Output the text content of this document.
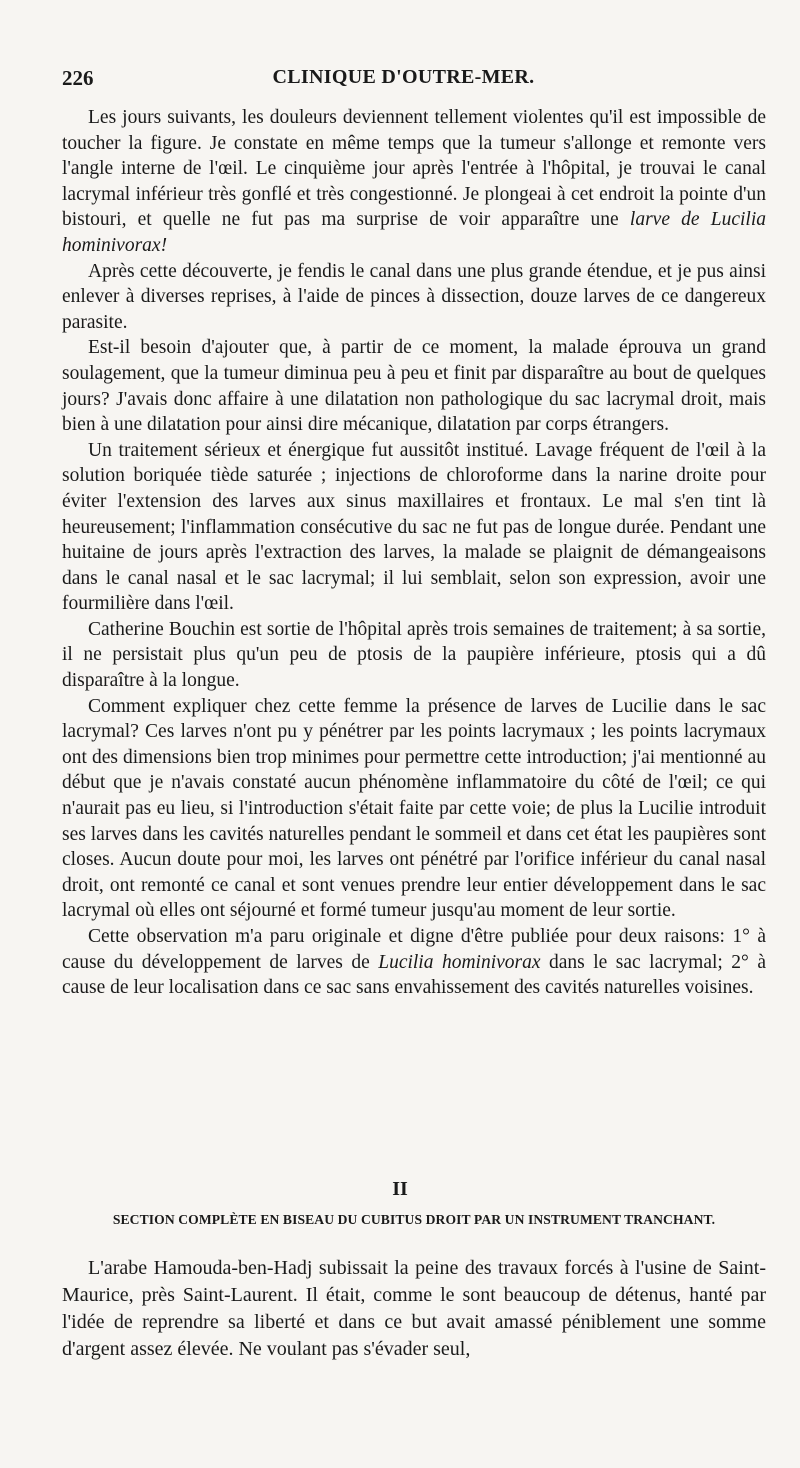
226	CLINIQUE D'OUTRE-MER.

Les jours suivants, les douleurs deviennent tellement violentes qu'il est impossible de toucher la figure. Je constate en même temps que la tumeur s'allonge et remonte vers l'angle interne de l'œil. Le cinquième jour après l'entrée à l'hôpital, je trouvai le canal lacrymal inférieur très gonflé et très congestionné. Je plongeai à cet endroit la pointe d'un bistouri, et quelle ne fut pas ma surprise de voir apparaître une larve de Lucilia hominivorax!

Après cette découverte, je fendis le canal dans une plus grande étendue, et je pus ainsi enlever à diverses reprises, à l'aide de pinces à dissection, douze larves de ce dangereux parasite.

Est-il besoin d'ajouter que, à partir de ce moment, la malade éprouva un grand soulagement, que la tumeur diminua peu à peu et finit par disparaître au bout de quelques jours? J'avais donc affaire à une dilatation non pathologique du sac lacrymal droit, mais bien à une dilatation pour ainsi dire mécanique, dilatation par corps étrangers.

Un traitement sérieux et énergique fut aussitôt institué. Lavage fréquent de l'œil à la solution boriquée tiède saturée ; injections de chloroforme dans la narine droite pour éviter l'extension des larves aux sinus maxillaires et frontaux. Le mal s'en tint là heureusement; l'inflammation consécutive du sac ne fut pas de longue durée. Pendant une huitaine de jours après l'extraction des larves, la malade se plaignit de démangeaisons dans le canal nasal et le sac lacrymal; il lui semblait, selon son expression, avoir une fourmilière dans l'œil.

Catherine Bouchin est sortie de l'hôpital après trois semaines de traitement; à sa sortie, il ne persistait plus qu'un peu de ptosis de la paupière inférieure, ptosis qui a dû disparaître à la longue.

Comment expliquer chez cette femme la présence de larves de Lucilie dans le sac lacrymal? Ces larves n'ont pu y pénétrer par les points lacrymaux ; les points lacrymaux ont des dimensions bien trop minimes pour permettre cette introduction; j'ai mentionné au début que je n'avais constaté aucun phénomène inflammatoire du côté de l'œil; ce qui n'aurait pas eu lieu, si l'introduction s'était faite par cette voie; de plus la Lucilie introduit ses larves dans les cavités naturelles pendant le sommeil et dans cet état les paupières sont closes. Aucun doute pour moi, les larves ont pénétré par l'orifice inférieur du canal nasal droit, ont remonté ce canal et sont venues prendre leur entier développement dans le sac lacrymal où elles ont séjourné et formé tumeur jusqu'au moment de leur sortie.

Cette observation m'a paru originale et digne d'être publiée pour deux raisons: 1° à cause du développement de larves de Lucilia hominivorax dans le sac lacrymal; 2° à cause de leur localisation dans ce sac sans envahissement des cavités naturelles voisines.

II
SECTION COMPLÈTE EN BISEAU DU CUBITUS DROIT PAR UN INSTRUMENT TRANCHANT.

L'arabe Hamouda-ben-Hadj subissait la peine des travaux forcés à l'usine de Saint-Maurice, près Saint-Laurent. Il était, comme le sont beaucoup de détenus, hanté par l'idée de reprendre sa liberté et dans ce but avait amassé péniblement une somme d'argent assez élevée. Ne voulant pas s'évader seul,
